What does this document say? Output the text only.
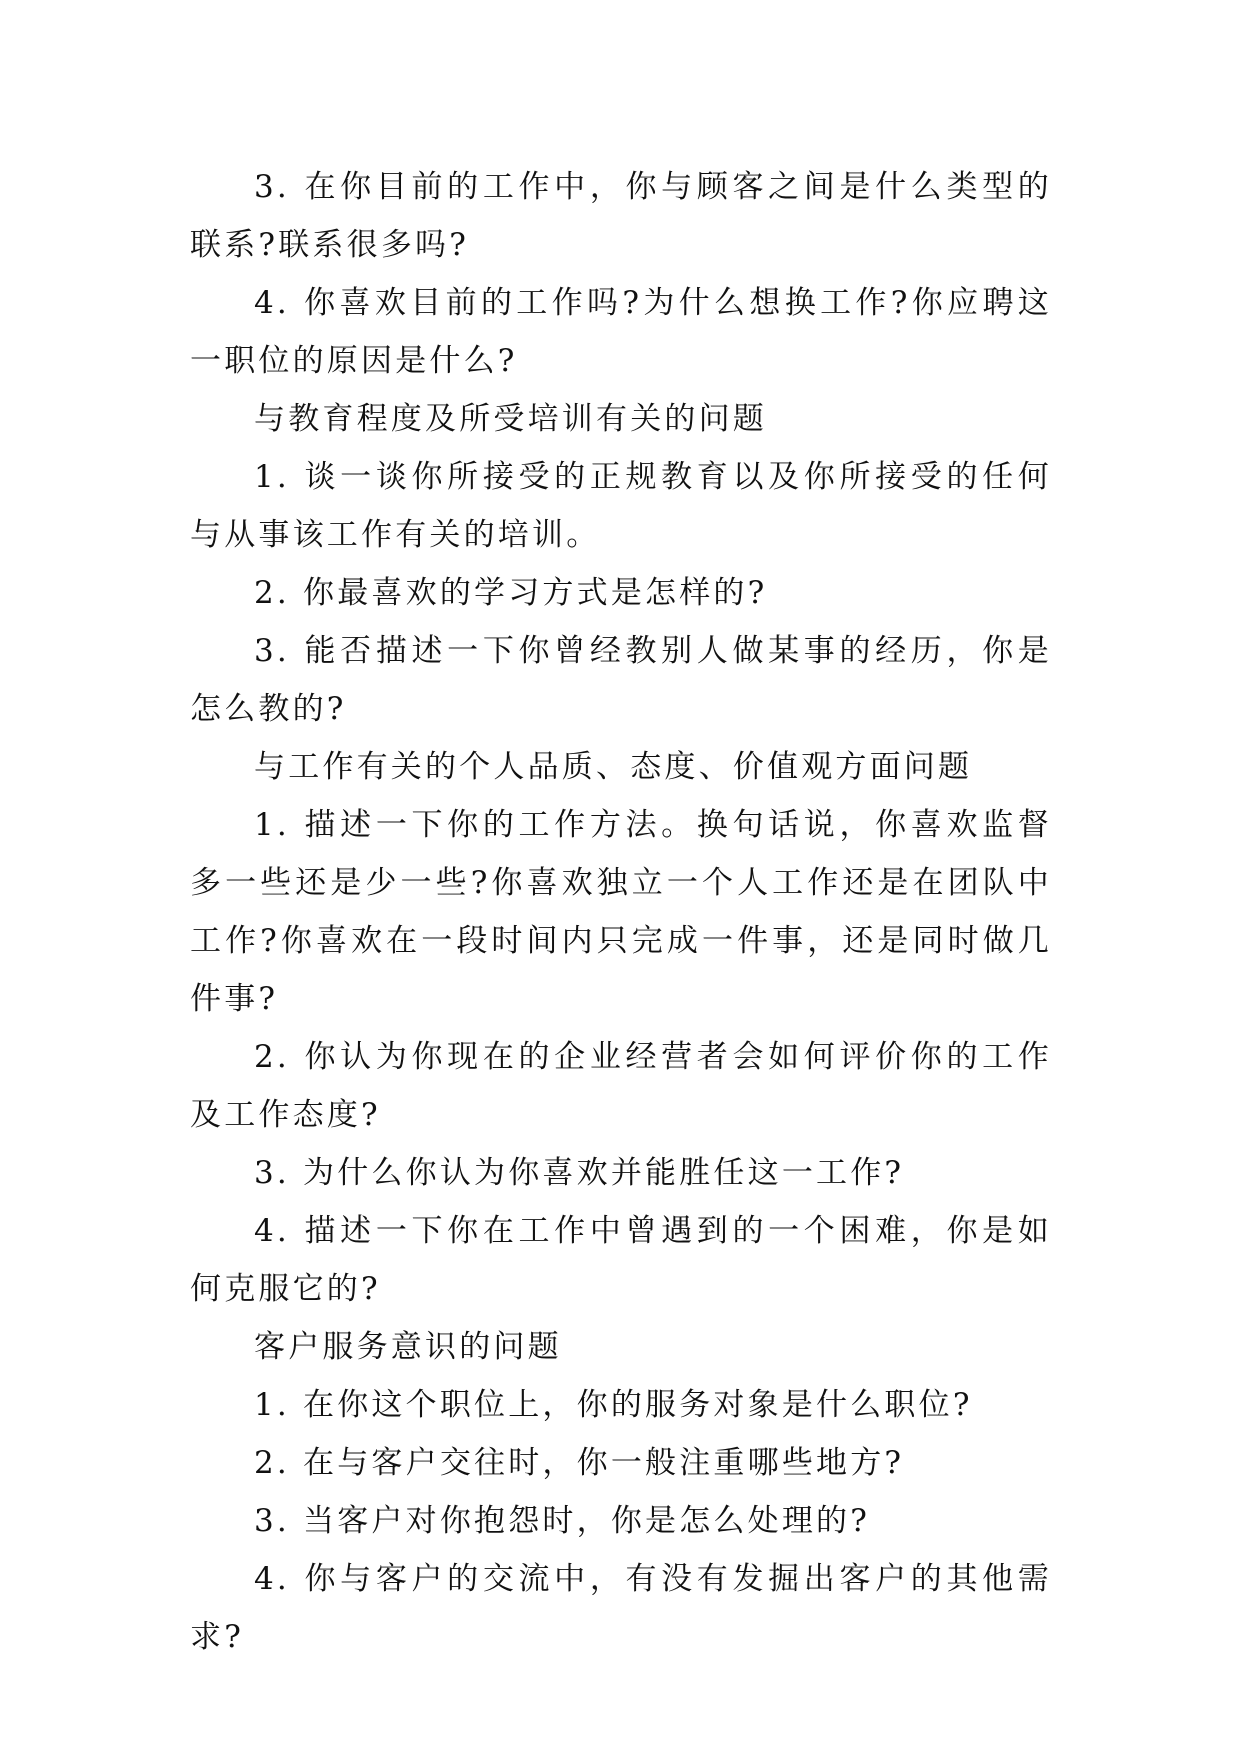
3. 在你目前的工作中，你与顾客之间是什么类型的联系?联系很多吗?

4. 你喜欢目前的工作吗?为什么想换工作?你应聘这一职位的原因是什么?

与教育程度及所受培训有关的问题

1. 谈一谈你所接受的正规教育以及你所接受的任何与从事该工作有关的培训。

2. 你最喜欢的学习方式是怎样的?

3. 能否描述一下你曾经教别人做某事的经历，你是怎么教的?

与工作有关的个人品质、态度、价值观方面问题

1. 描述一下你的工作方法。换句话说，你喜欢监督多一些还是少一些?你喜欢独立一个人工作还是在团队中工作?你喜欢在一段时间内只完成一件事，还是同时做几件事?

2. 你认为你现在的企业经营者会如何评价你的工作及工作态度?

3. 为什么你认为你喜欢并能胜任这一工作?

4. 描述一下你在工作中曾遇到的一个困难，你是如何克服它的?

客户服务意识的问题

1. 在你这个职位上，你的服务对象是什么职位?

2. 在与客户交往时，你一般注重哪些地方?

3. 当客户对你抱怨时，你是怎么处理的?

4. 你与客户的交流中，有没有发掘出客户的其他需求?
